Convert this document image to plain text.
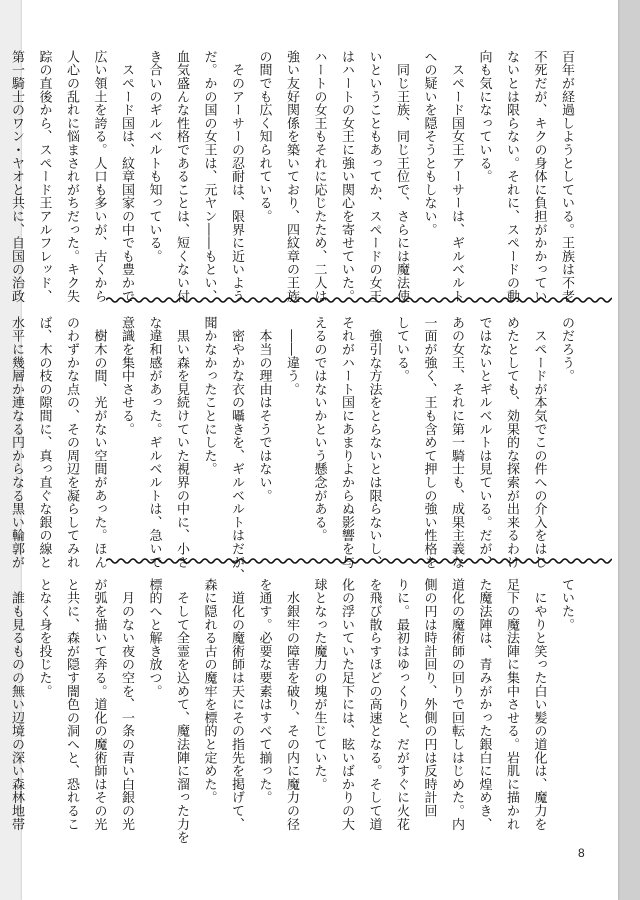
百年が経過しようとしている。王族は不老

不死だが、キクの身体に負担がかかってい

ないとは限らない。それに、スペードの動

向も気になっている。

　スペード国女王アーサーは、ギルベルト

への疑いを隠そうともしない。

　同じ王族、同じ王位で、さらには魔法使

いということもあってか、スペードの女王

はハートの女王に強い関心を寄せていた。

ハートの女王もそれに応じたため、二人は

強い友好関係を築いており、四紋章の王族

の間でも広く知られている。

　そのアーサーの忍耐は、限界に近いよう

だ。かの国の女王は、元ヤン――もとい、

血気盛んな性格であることは、短くない付

き合いのギルベルトも知っている。

　スペード国は、紋章国家の中でも豊かで

広い領土を誇る。人口も多いが、古くから

人心の乱れに悩まされがちだった。キク失

踪の直後から、スペード王アルフレッド、

第一騎士のワン・ヤオと共に、自国の治政

のだろう。

　スペードが本気でこの件への介入をはじ

めたとしても、効果的な探索が出来るわけ

ではないとギルベルトは見ている。だが、

あの女王、それに第一騎士も、成果主義な

一面が強く、王も含めて押しの強い性格を

している。

　強引な方法をとらないとは限らないし、

それがハート国にあまりよからぬ影響を与

えるのではないかという懸念がある。

　――違う。

　本当の理由はそうではない。

　密やかな衣の囁きを、ギルベルトはだが、

聞かなかったことにした。

　黒い森を見続けていた視界の中に、小さ

な違和感があった。ギルベルトは、急いで

意識を集中させる。

　樹木の間、光がない空間があった。ほん

のわずかな点の、その周辺を凝らしてみれ

ば、木の枝の隙間に、真っ直ぐな銀の線と

水平に幾層か連なる円からなる黒い輪郭が

ていた。

　にやりと笑った白い髪の道化は、魔力を

足下の魔法陣に集中させる。岩肌に描かれ

た魔法陣は、青みがかった銀白に煌めき、

道化の魔術師の回りで回転しはじめた。内

側の円は時計回り、外側の円は反時計回

りに。最初はゆっくりと、だがすぐに火花

を飛び散らすほどの高速となる。そして道

化の浮いていた足下には、眩いばかりの大

球となった魔力の塊が生じていた。

　水銀牢の障害を破り、その内に魔力の径

を通す。必要な要素はすべて揃った。

　道化の魔術師は天にその指先を掲げて、

森に隠れる古の魔牢を標的と定めた。

　そして全霊を込めて、魔法陣に溜った力を

標的へと解き放つ。

　月のない夜の空を、一条の青い白銀の光

が弧を描いて奔る。道化の魔術師はその光

と共に、森が隠す闇色の洞へと、恐れるこ

となく身を投じた。

　誰も見るものの無い辺境の深い森林地帯

8
